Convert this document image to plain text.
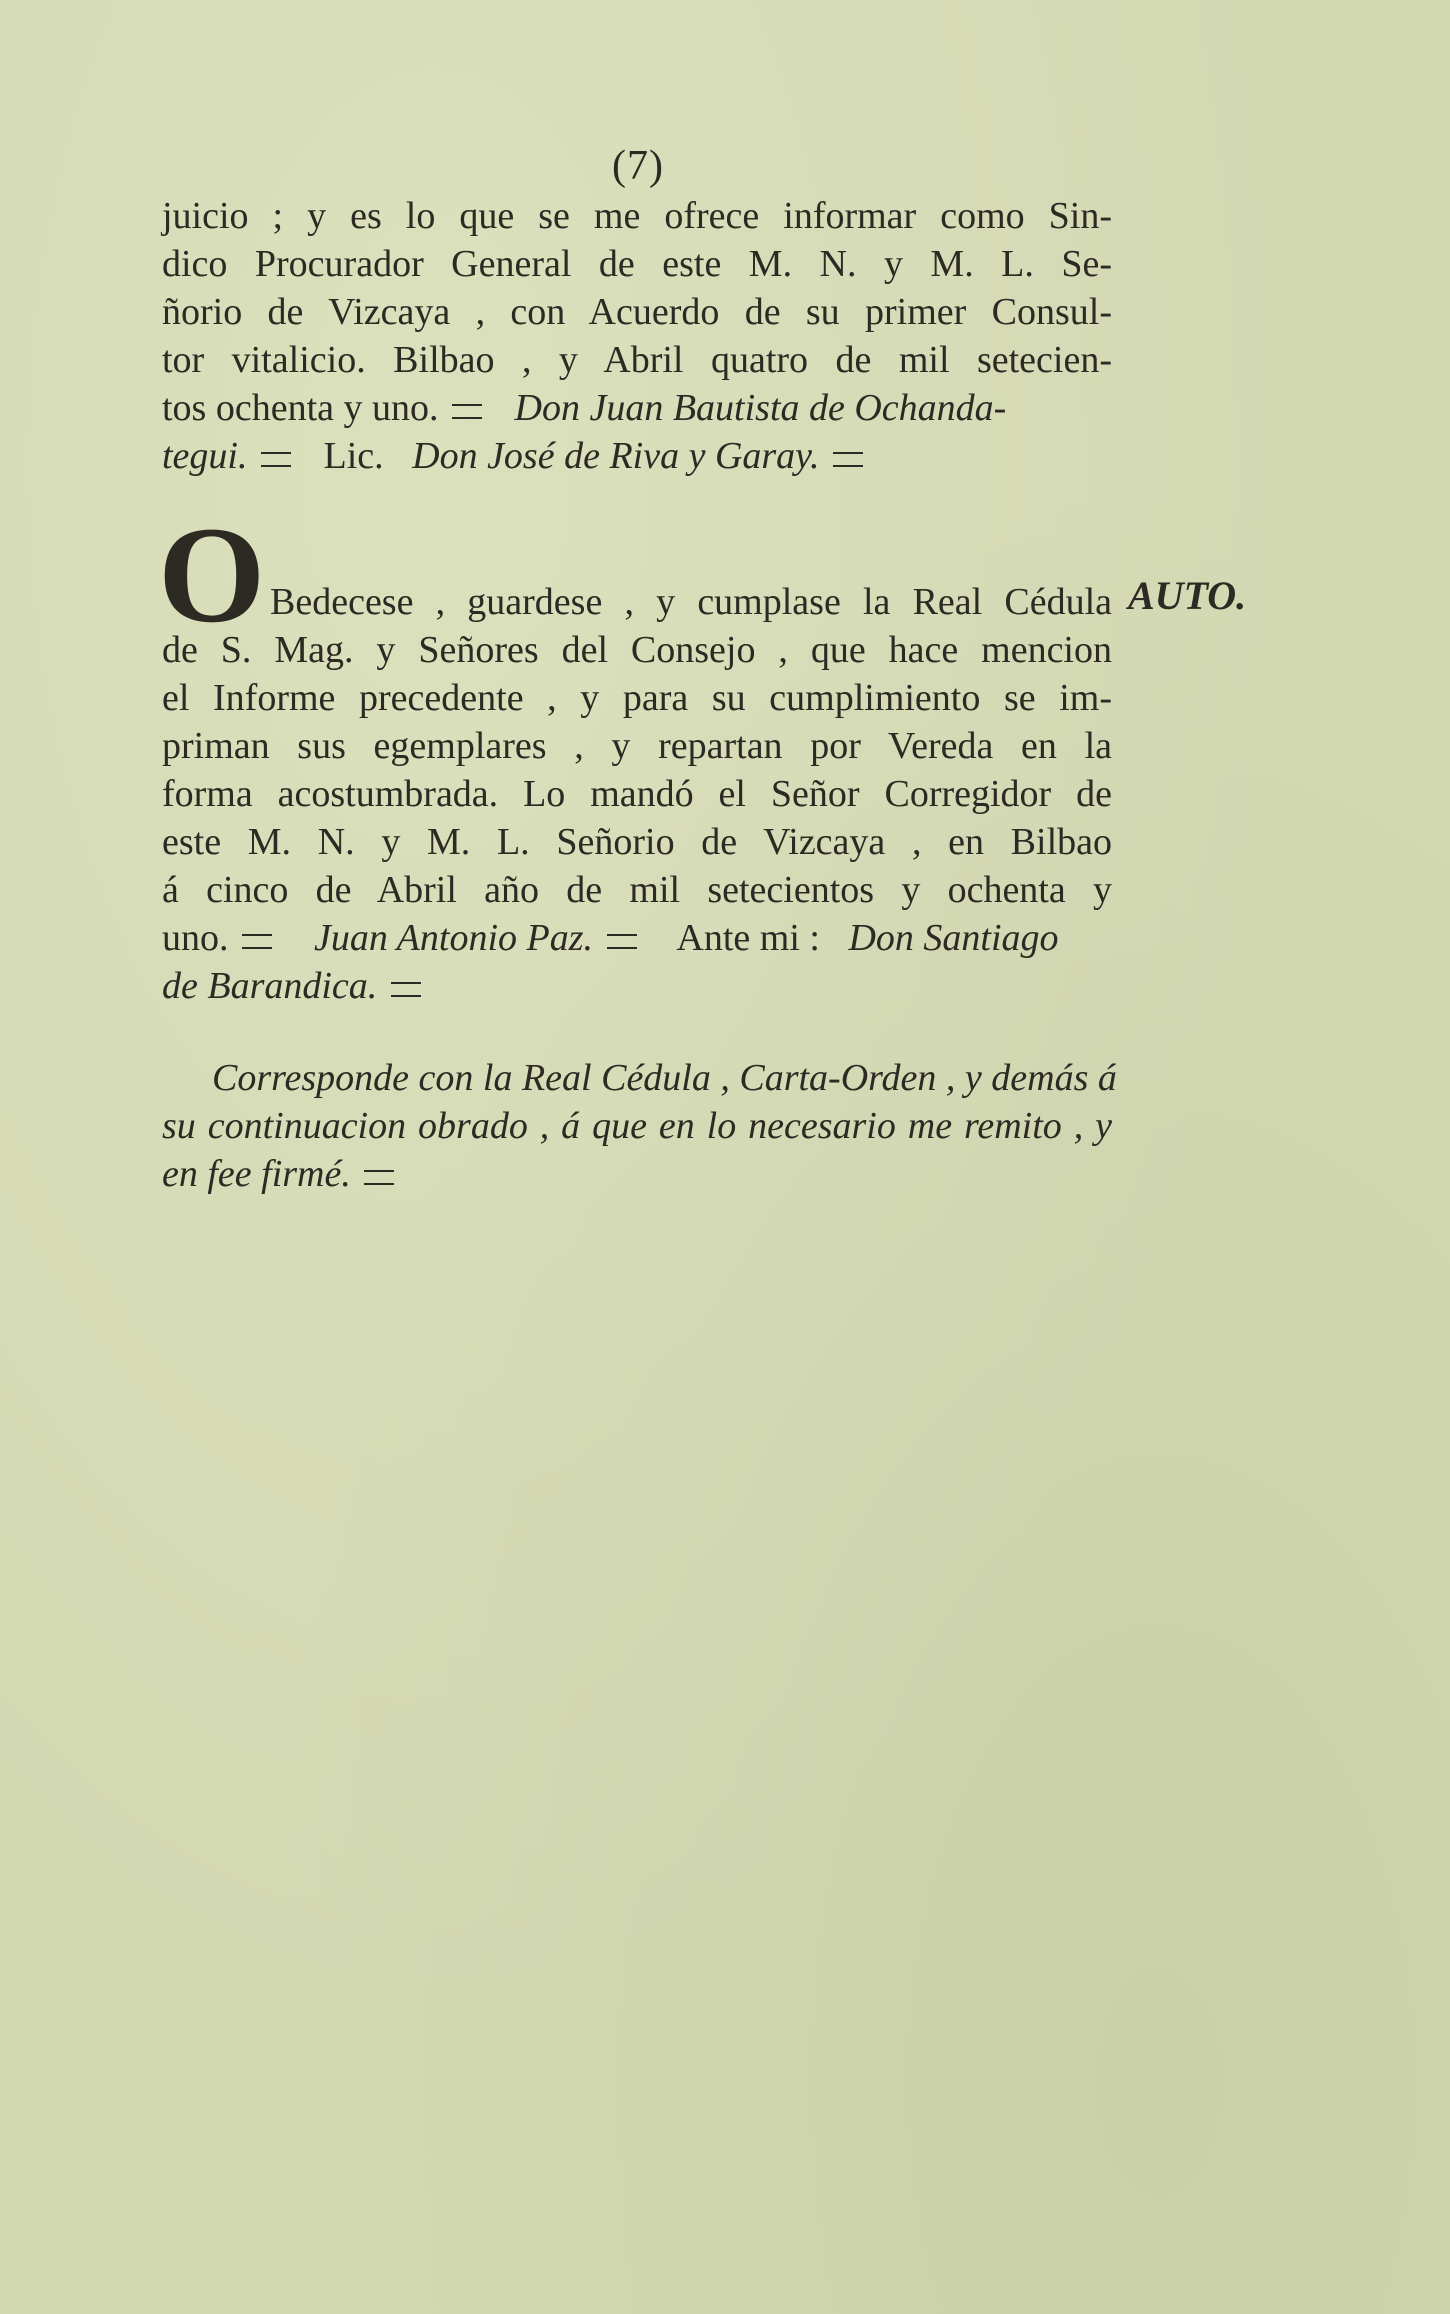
(7)

juicio ; y es lo que se me ofrece informar como Sin-

dico Procurador General de este M. N. y M. L. Se-

ñorio de Vizcaya , con Acuerdo de su primer Consul-

tor vitalicio. Bilbao , y Abril quatro de mil setecien-

tos ochenta y uno. Don Juan Bautista de Ochanda-

tegui. Lic. Don José de Riva y Garay.

AUTO.

O Bedecese , guardese , y cumplase la Real Cédula

de S. Mag. y Señores del Consejo , que hace mencion

el Informe precedente , y para su cumplimiento se im-

priman sus egemplares , y repartan por Vereda en la

forma acostumbrada. Lo mandó el Señor Corregidor de

este M. N. y M. L. Señorio de Vizcaya , en Bilbao

á cinco de Abril año de mil setecientos y ochenta y

uno. Juan Antonio Paz. Ante mi : Don Santiago

de Barandica.

Corresponde con la Real Cédula , Carta-Orden , y demás á

su continuacion obrado , á que en lo necesario me remito , y

en fee firmé.
